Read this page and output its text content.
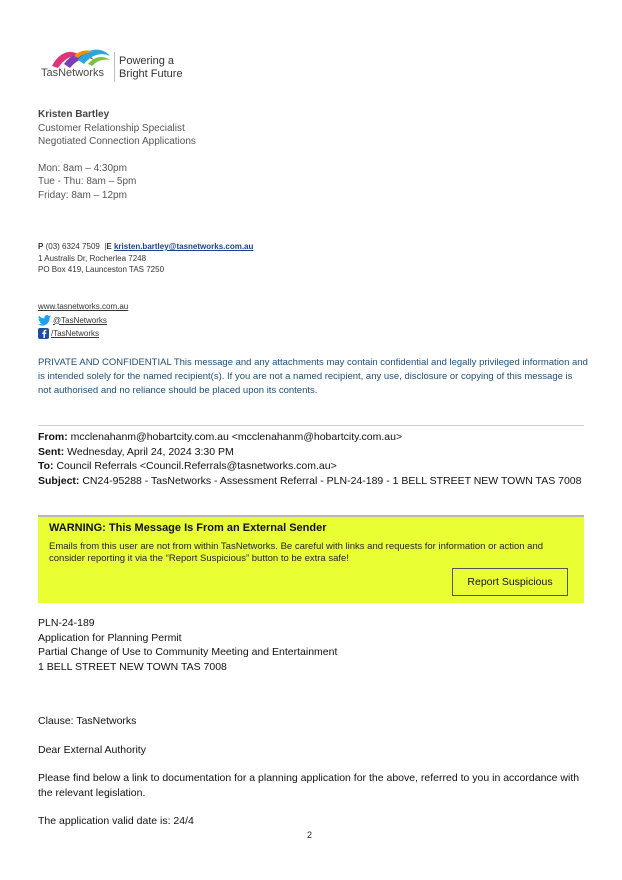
TasNetworks
Powering a
Bright Future
Kristen Bartley
Customer Relationship Specialist
Negotiated Connection Applications
Mon: 8am – 4:30pm
Tue - Thu: 8am – 5pm
Friday: 8am – 12pm
P (03) 6324 7509  |E kristen.bartley@tasnetworks.com.au
1 Australis Dr, Rocherlea 7248
PO Box 419, Launceston TAS 7250
www.tasnetworks.com.au
@TasNetworks
/TasNetworks
PRIVATE AND CONFIDENTIAL This message and any attachments may contain confidential and legally privileged information and is intended solely for the named recipient(s). If you are not a named recipient, any use, disclosure or copying of this message is not authorised and no reliance should be placed upon its contents.
From: mcclenahanm@hobartcity.com.au <mcclenahanm@hobartcity.com.au>
Sent: Wednesday, April 24, 2024 3:30 PM
To: Council Referrals <Council.Referrals@tasnetworks.com.au>
Subject: CN24-95288 - TasNetworks - Assessment Referral - PLN-24-189 - 1 BELL STREET NEW TOWN TAS 7008
WARNING: This Message Is From an External Sender
Emails from this user are not from within TasNetworks. Be careful with links and requests for information or action and consider reporting it via the “Report Suspicious” button to be extra safe!
Report Suspicious
PLN-24-189
Application for Planning Permit
Partial Change of Use to Community Meeting and Entertainment
1 BELL STREET NEW TOWN TAS 7008
Clause: TasNetworks
Dear External Authority
Please find below a link to documentation for a planning application for the above, referred to you in accordance with the relevant legislation.
The application valid date is: 24/4
2
